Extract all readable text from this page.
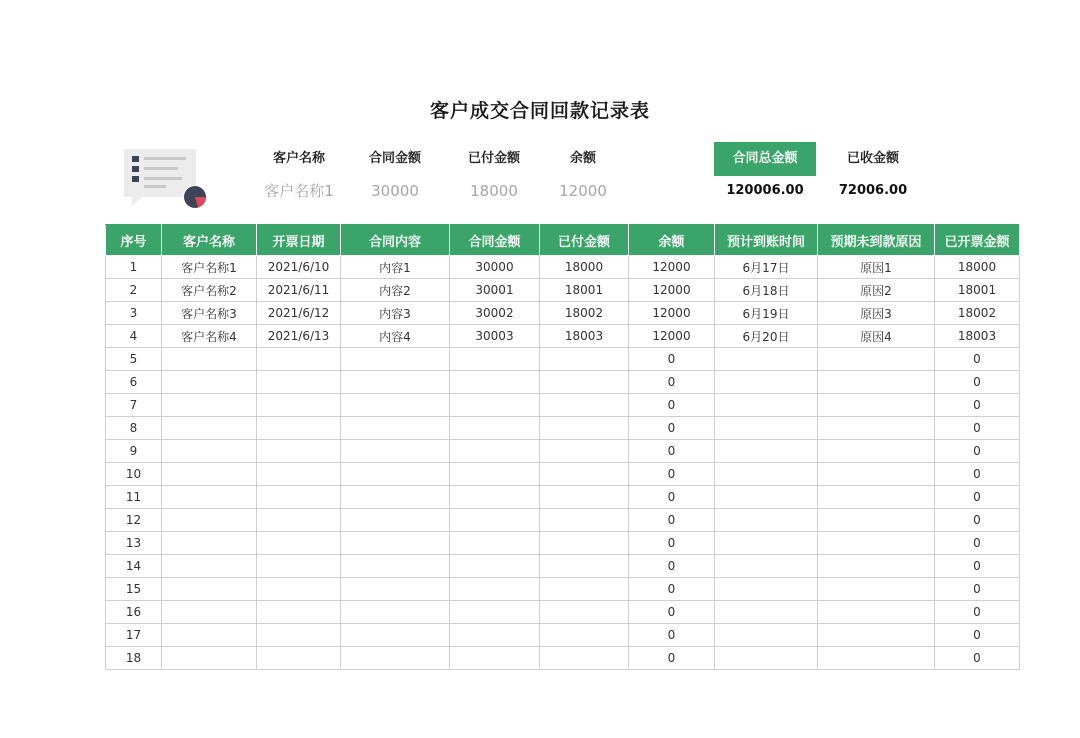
客户成交合同回款记录表
客户名称
客户名称1
合同金额
30000
已付金额
18000
余额
12000
合同总金额
120006.00
已收金额
72006.00
序号	客户名称	开票日期	合同内容	合同金额	已付金额	余额	预计到账时间	预期未到款原因	已开票金额
1	客户名称1	2021/6/10	内容1	30000	18000	12000	6月17日	原因1	18000
2	客户名称2	2021/6/11	内容2	30001	18001	12000	6月18日	原因2	18001
3	客户名称3	2021/6/12	内容3	30002	18002	12000	6月19日	原因3	18002
4	客户名称4	2021/6/13	内容4	30003	18003	12000	6月20日	原因4	18003
5						0			0
6						0			0
7						0			0
8						0			0
9						0			0
10						0			0
11						0			0
12						0			0
13						0			0
14						0			0
15						0			0
16						0			0
17						0			0
18						0			0
